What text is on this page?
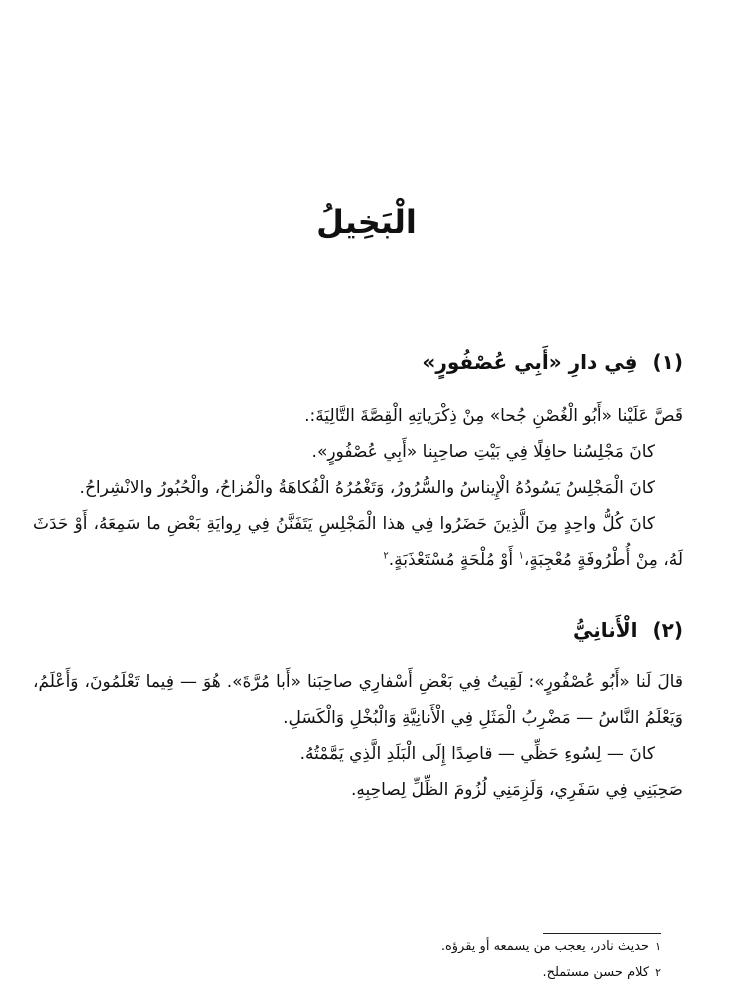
الْبَخِيلُ
(١) فِي دارِ «أَبِي عُصْفُورٍ»

قَصَّ عَلَيْنا «أَبُو الْغُصْنِ جُحا» مِنْ ذِكْرَياتِهِ الْقِصَّةَ التَّالِيَةَ:.

كانَ مَجْلِسُنا حافِلًا فِي بَيْتِ صاحِبِنا «أَبِي عُصْفُورٍ».

كانَ الْمَجْلِسُ يَسُودُهُ الْإِيناسُ والسُّرُورُ، وَتَغْمُرُهُ الْفُكاهَةُ والْمُزاحُ، والْحُبُورُ والانْشِراحُ.

كانَ كُلُّ واحِدٍ مِنَ الَّذِينَ حَضَرُوا فِي هذا الْمَجْلِسِ يَتَفَنَّنُ فِي رِوايَةِ بَعْضِ ما سَمِعَهُ، أَوْ حَدَثَ لَهُ، مِنْ أُطْرُوفَةٍ مُعْجِبَةٍ،$^١$ أَوْ مُلْحَةٍ مُسْتَعْذَبَةٍ.$^٢$

(٢) الْأَنانِيُّ

قالَ لَنا «أَبُو عُصْفُورٍ»: لَقِيتُ فِي بَعْضِ أَسْفارِي صاحِبَنا «أَبا مُرَّةَ». هُوَ — فِيما تَعْلَمُونَ، وَأَعْلَمُ، وَيَعْلَمُ النَّاسُ — مَضْرِبُ الْمَثَلِ فِي الْأَنانِيَّةِ وَالْبُخْلِ وَالْكَسَلِ.

كانَ — لِسُوءِ حَظِّي — قاصِدًا إِلَى الْبَلَدِ الَّذِي يَمَّمْتُهُ.

صَحِبَنِي فِي سَفَرِي، وَلَزِمَنِي لُزُومَ الظِّلِّ لِصاحِبِهِ.

١حديث نادر، يعجب من يسمعه أو يقرؤه.
٢كلام حسن مستملح.
